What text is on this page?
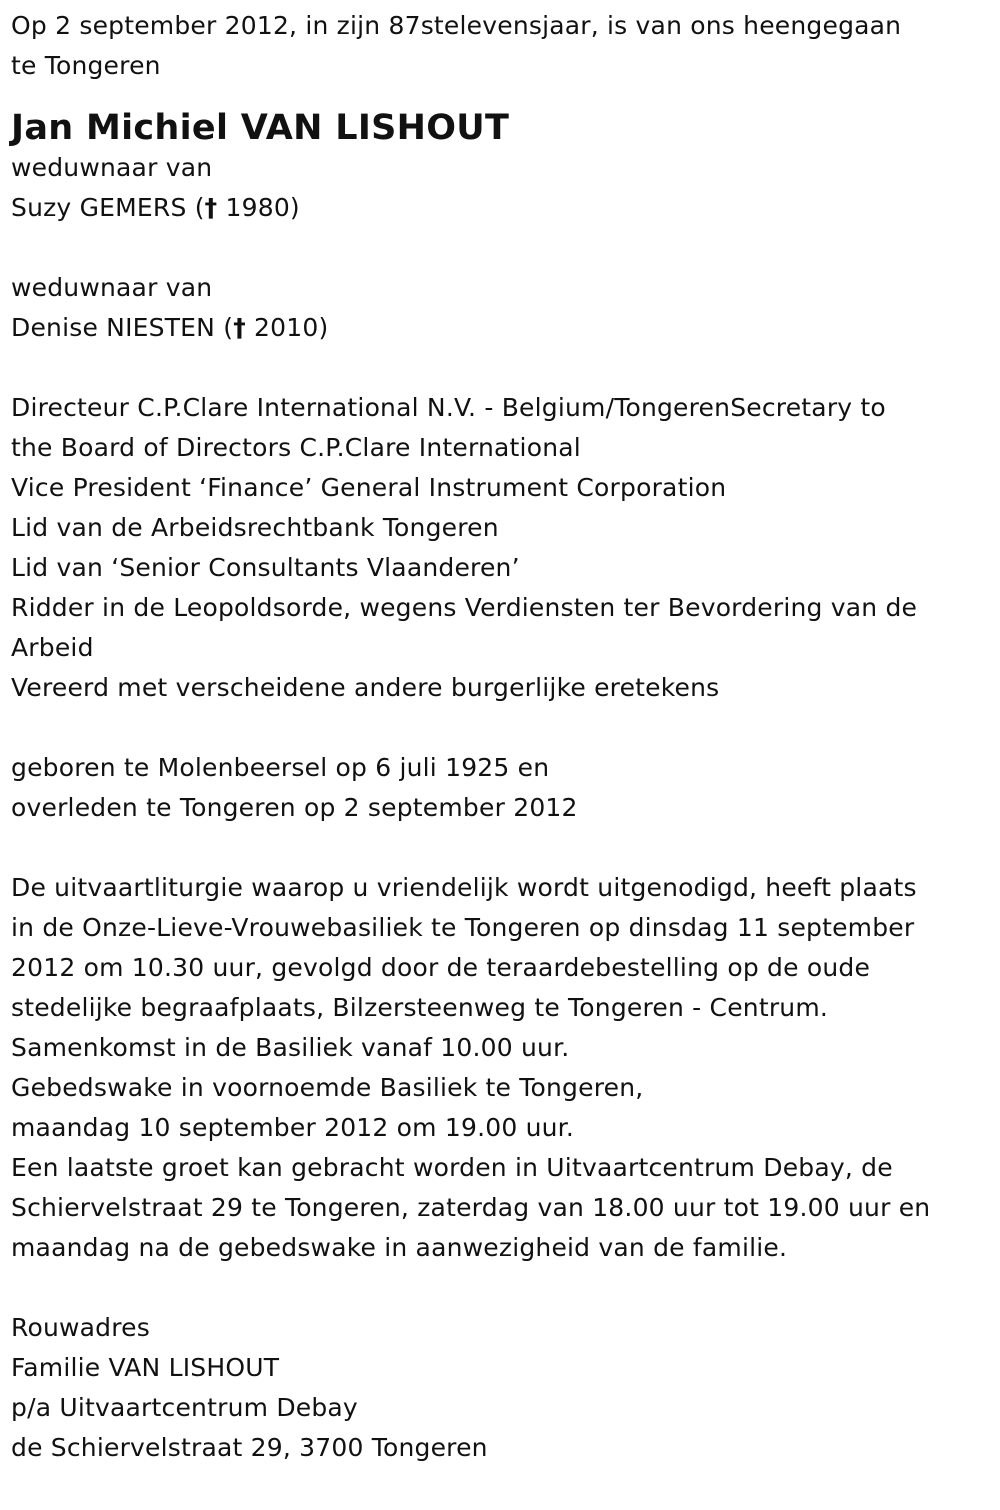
Op 2 september 2012, in zijn 87stelevensjaar, is van ons heengegaan
te Tongeren
Jan Michiel VAN LISHOUT
weduwnaar van
Suzy GEMERS († 1980)
weduwnaar van
Denise NIESTEN († 2010)
Directeur C.P.Clare International N.V. - Belgium/TongerenSecretary to
the Board of Directors C.P.Clare International
Vice President ‘Finance’ General Instrument Corporation
Lid van de Arbeidsrechtbank Tongeren
Lid van ‘Senior Consultants Vlaanderen’
Ridder in de Leopoldsorde, wegens Verdiensten ter Bevordering van de
Arbeid
Vereerd met verscheidene andere burgerlijke eretekens
geboren te Molenbeersel op 6 juli 1925 en
overleden te Tongeren op 2 september 2012
De uitvaartliturgie waarop u vriendelijk wordt uitgenodigd, heeft plaats
in de Onze-Lieve-Vrouwebasiliek te Tongeren op dinsdag 11 september
2012 om 10.30 uur, gevolgd door de teraardebestelling op de oude
stedelijke begraafplaats, Bilzersteenweg te Tongeren - Centrum.
Samenkomst in de Basiliek vanaf 10.00 uur.
Gebedswake in voornoemde Basiliek te Tongeren,
maandag 10 september 2012 om 19.00 uur.
Een laatste groet kan gebracht worden in Uitvaartcentrum Debay, de
Schiervelstraat 29 te Tongeren, zaterdag van 18.00 uur tot 19.00 uur en
maandag na de gebedswake in aanwezigheid van de familie.
Rouwadres
Familie VAN LISHOUT
p/a Uitvaartcentrum Debay
de Schiervelstraat 29, 3700 Tongeren
